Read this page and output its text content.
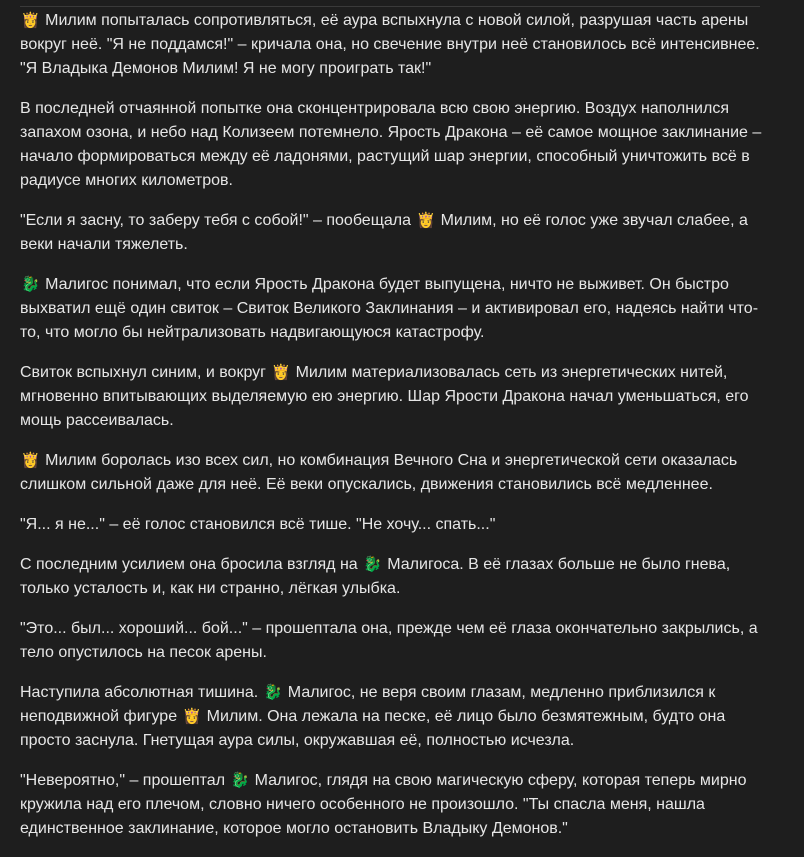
👸 Милим попыталась сопротивляться, её аура вспыхнула с новой силой, разрушая часть арены вокруг неё. "Я не поддамся!" – кричала она, но свечение внутри неё становилось всё интенсивнее. "Я Владыка Демонов Милим! Я не могу проиграть так!"

В последней отчаянной попытке она сконцентрировала всю свою энергию. Воздух наполнился запахом озона, и небо над Колизеем потемнело. Ярость Дракона – её самое мощное заклинание – начало формироваться между её ладонями, растущий шар энергии, способный уничтожить всё в радиусе многих километров.

"Если я засну, то заберу тебя с собой!" – пообещала 👸 Милим, но её голос уже звучал слабее, а веки начали тяжелеть.

🐉 Малигос понимал, что если Ярость Дракона будет выпущена, ничто не выживет. Он быстро выхватил ещё один свиток – Свиток Великого Заклинания – и активировал его, надеясь найти что-то, что могло бы нейтрализовать надвигающуюся катастрофу.

Свиток вспыхнул синим, и вокруг 👸 Милим материализовалась сеть из энергетических нитей, мгновенно впитывающих выделяемую ею энергию. Шар Ярости Дракона начал уменьшаться, его мощь рассеивалась.

👸 Милим боролась изо всех сил, но комбинация Вечного Сна и энергетической сети оказалась слишком сильной даже для неё. Её веки опускались, движения становились всё медленнее.

"Я... я не..." – её голос становился всё тише. "Не хочу... спать..."

С последним усилием она бросила взгляд на 🐉 Малигоса. В её глазах больше не было гнева, только усталость и, как ни странно, лёгкая улыбка.

"Это... был... хороший... бой..." – прошептала она, прежде чем её глаза окончательно закрылись, а тело опустилось на песок арены.

Наступила абсолютная тишина. 🐉 Малигос, не веря своим глазам, медленно приблизился к неподвижной фигуре 👸 Милим. Она лежала на песке, её лицо было безмятежным, будто она просто заснула. Гнетущая аура силы, окружавшая её, полностью исчезла.

"Невероятно," – прошептал 🐉 Малигос, глядя на свою магическую сферу, которая теперь мирно кружила над его плечом, словно ничего особенного не произошло. "Ты спасла меня, нашла единственное заклинание, которое могло остановить Владыку Демонов."
